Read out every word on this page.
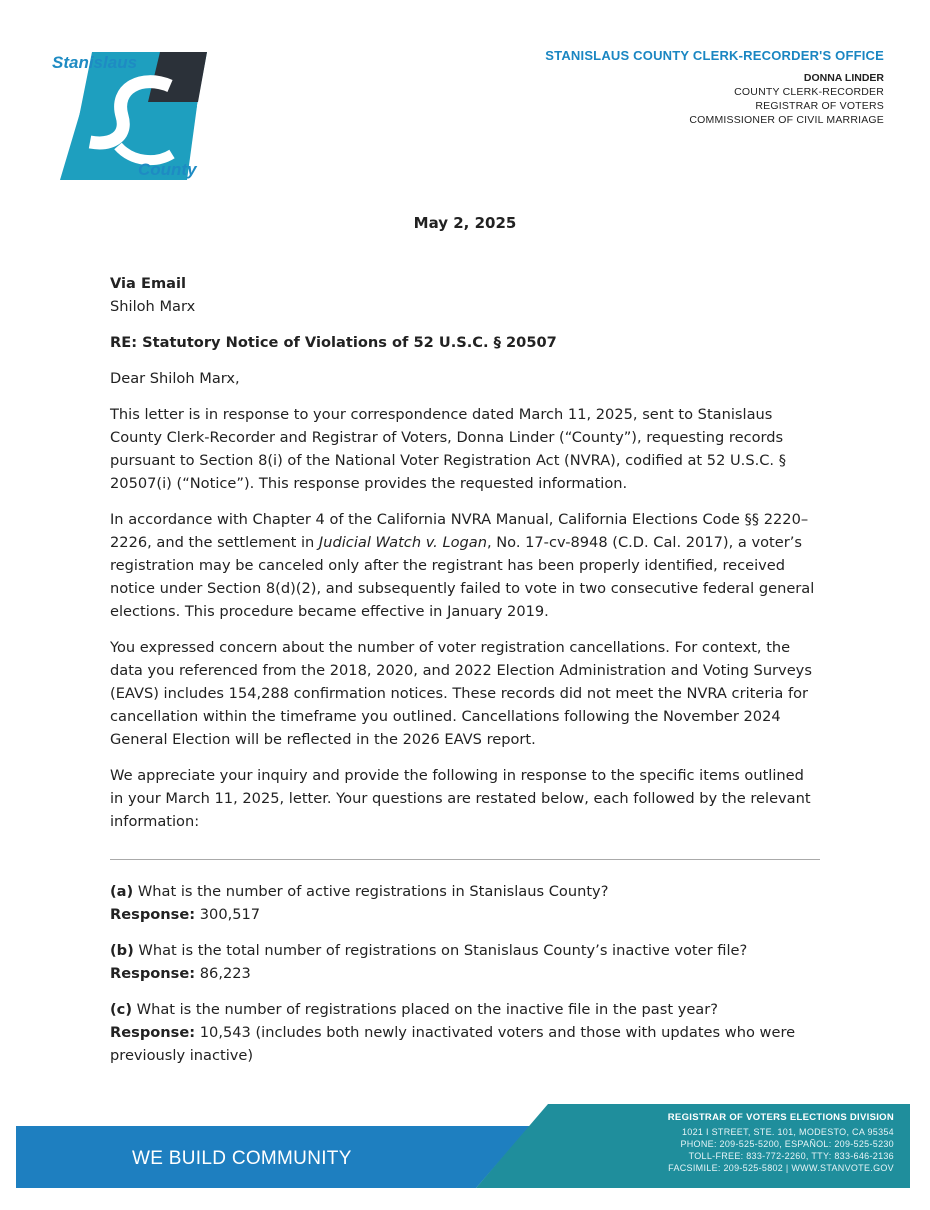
Stanislaus
County
STANISLAUS COUNTY CLERK-RECORDER'S OFFICE
DONNA LINDER
COUNTY CLERK-RECORDER
REGISTRAR OF VOTERS
COMMISSIONER OF CIVIL MARRIAGE
May 2, 2025
Via Email
Shiloh Marx

RE: Statutory Notice of Violations of 52 U.S.C. § 20507

Dear Shiloh Marx,

This letter is in response to your correspondence dated March 11, 2025, sent to Stanislaus County Clerk-Recorder and Registrar of Voters, Donna Linder (“County”), requesting records pursuant to Section 8(i) of the National Voter Registration Act (NVRA), codified at 52 U.S.C. § 20507(i) (“Notice”). This response provides the requested information.

In accordance with Chapter 4 of the California NVRA Manual, California Elections Code §§ 2220–2226, and the settlement in Judicial Watch v. Logan, No. 17-cv-8948 (C.D. Cal. 2017), a voter’s registration may be canceled only after the registrant has been properly identified, received notice under Section 8(d)(2), and subsequently failed to vote in two consecutive federal general elections. This procedure became effective in January 2019.

You expressed concern about the number of voter registration cancellations. For context, the data you referenced from the 2018, 2020, and 2022 Election Administration and Voting Surveys (EAVS) includes 154,288 confirmation notices. These records did not meet the NVRA criteria for cancellation within the timeframe you outlined. Cancellations following the November 2024 General Election will be reflected in the 2026 EAVS report.

We appreciate your inquiry and provide the following in response to the specific items outlined in your March 11, 2025, letter. Your questions are restated below, each followed by the relevant information:

(a) What is the number of active registrations in Stanislaus County?
Response: 300,517

(b) What is the total number of registrations on Stanislaus County’s inactive voter file?
Response: 86,223

(c) What is the number of registrations placed on the inactive file in the past year?
Response: 10,543 (includes both newly inactivated voters and those with updates who were previously inactive)

WE BUILD COMMUNITY
REGISTRAR OF VOTERS ELECTIONS DIVISION
1021 I STREET, STE. 101, MODESTO, CA 95354
PHONE: 209-525-5200, ESPAÑOL: 209-525-5230
TOLL-FREE: 833-772-2260, TTY: 833-646-2136
FACSIMILE: 209-525-5802 | WWW.STANVOTE.GOV
